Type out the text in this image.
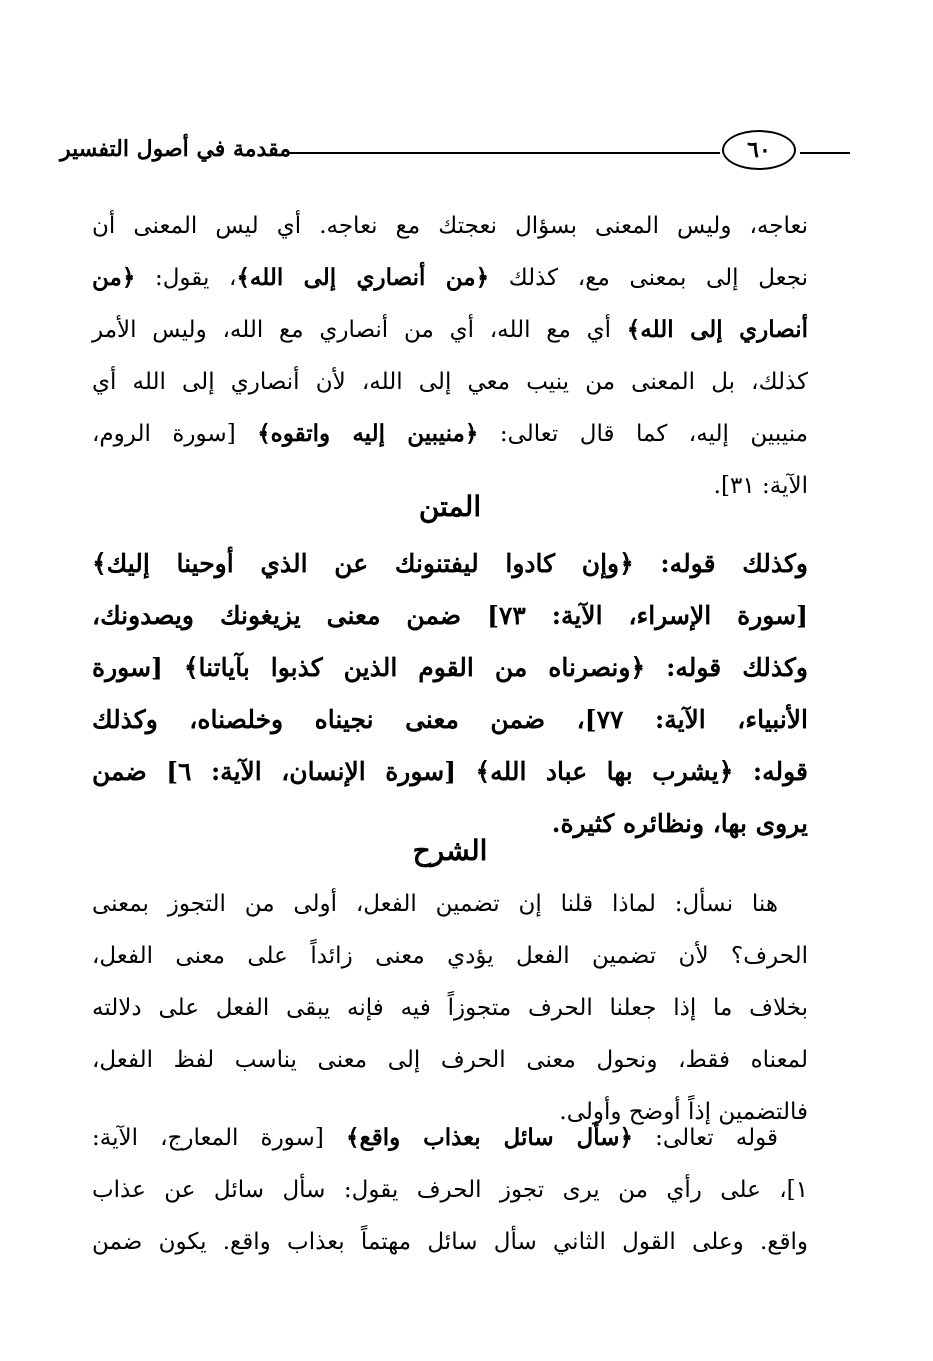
مقدمة في أصول التفسير	٦٠
نعاجه، وليس المعنى بسؤال نعجتك مع نعاجه. أي ليس المعنى أن
نجعل إلى بمعنى مع، كذلك ﴿من أنصاري إلى الله﴾، يقول: ﴿من
أنصاري إلى الله﴾ أي مع الله، أي من أنصاري مع الله، وليس الأمر
كذلك، بل المعنى من ينيب معي إلى الله، لأن أنصاري إلى الله أي
منيبين إليه، كما قال تعالى: ﴿منيبين إليه واتقوه﴾ [سورة الروم،
الآية: ٣١].
المتن
وكذلك قوله: ﴿وإن كادوا ليفتنونك عن الذي أوحينا إليك﴾
[سورة الإسراء، الآية: ٧٣] ضمن معنى يزيغونك ويصدونك،
وكذلك قوله: ﴿ونصرناه من القوم الذين كذبوا بآياتنا﴾ [سورة
الأنبياء، الآية: ٧٧]، ضمن معنى نجيناه وخلصناه، وكذلك
قوله: ﴿يشرب بها عباد الله﴾ [سورة الإنسان، الآية: ٦] ضمن
يروى بها، ونظائره كثيرة.
الشرح
هنا نسأل: لماذا قلنا إن تضمين الفعل، أولى من التجوز بمعنى
الحرف؟ لأن تضمين الفعل يؤدي معنى زائداً على معنى الفعل،
بخلاف ما إذا جعلنا الحرف متجوزاً فيه فإنه يبقى الفعل على دلالته
لمعناه فقط، ونحول معنى الحرف إلى معنى يناسب لفظ الفعل،
فالتضمين إذاً أوضح وأولى.
قوله تعالى: ﴿سأل سائل بعذاب واقع﴾ [سورة المعارج، الآية:
١]، على رأي من يرى تجوز الحرف يقول: سأل سائل عن عذاب
واقع. وعلى القول الثاني سأل سائل مهتماً بعذاب واقع. يكون ضمن
